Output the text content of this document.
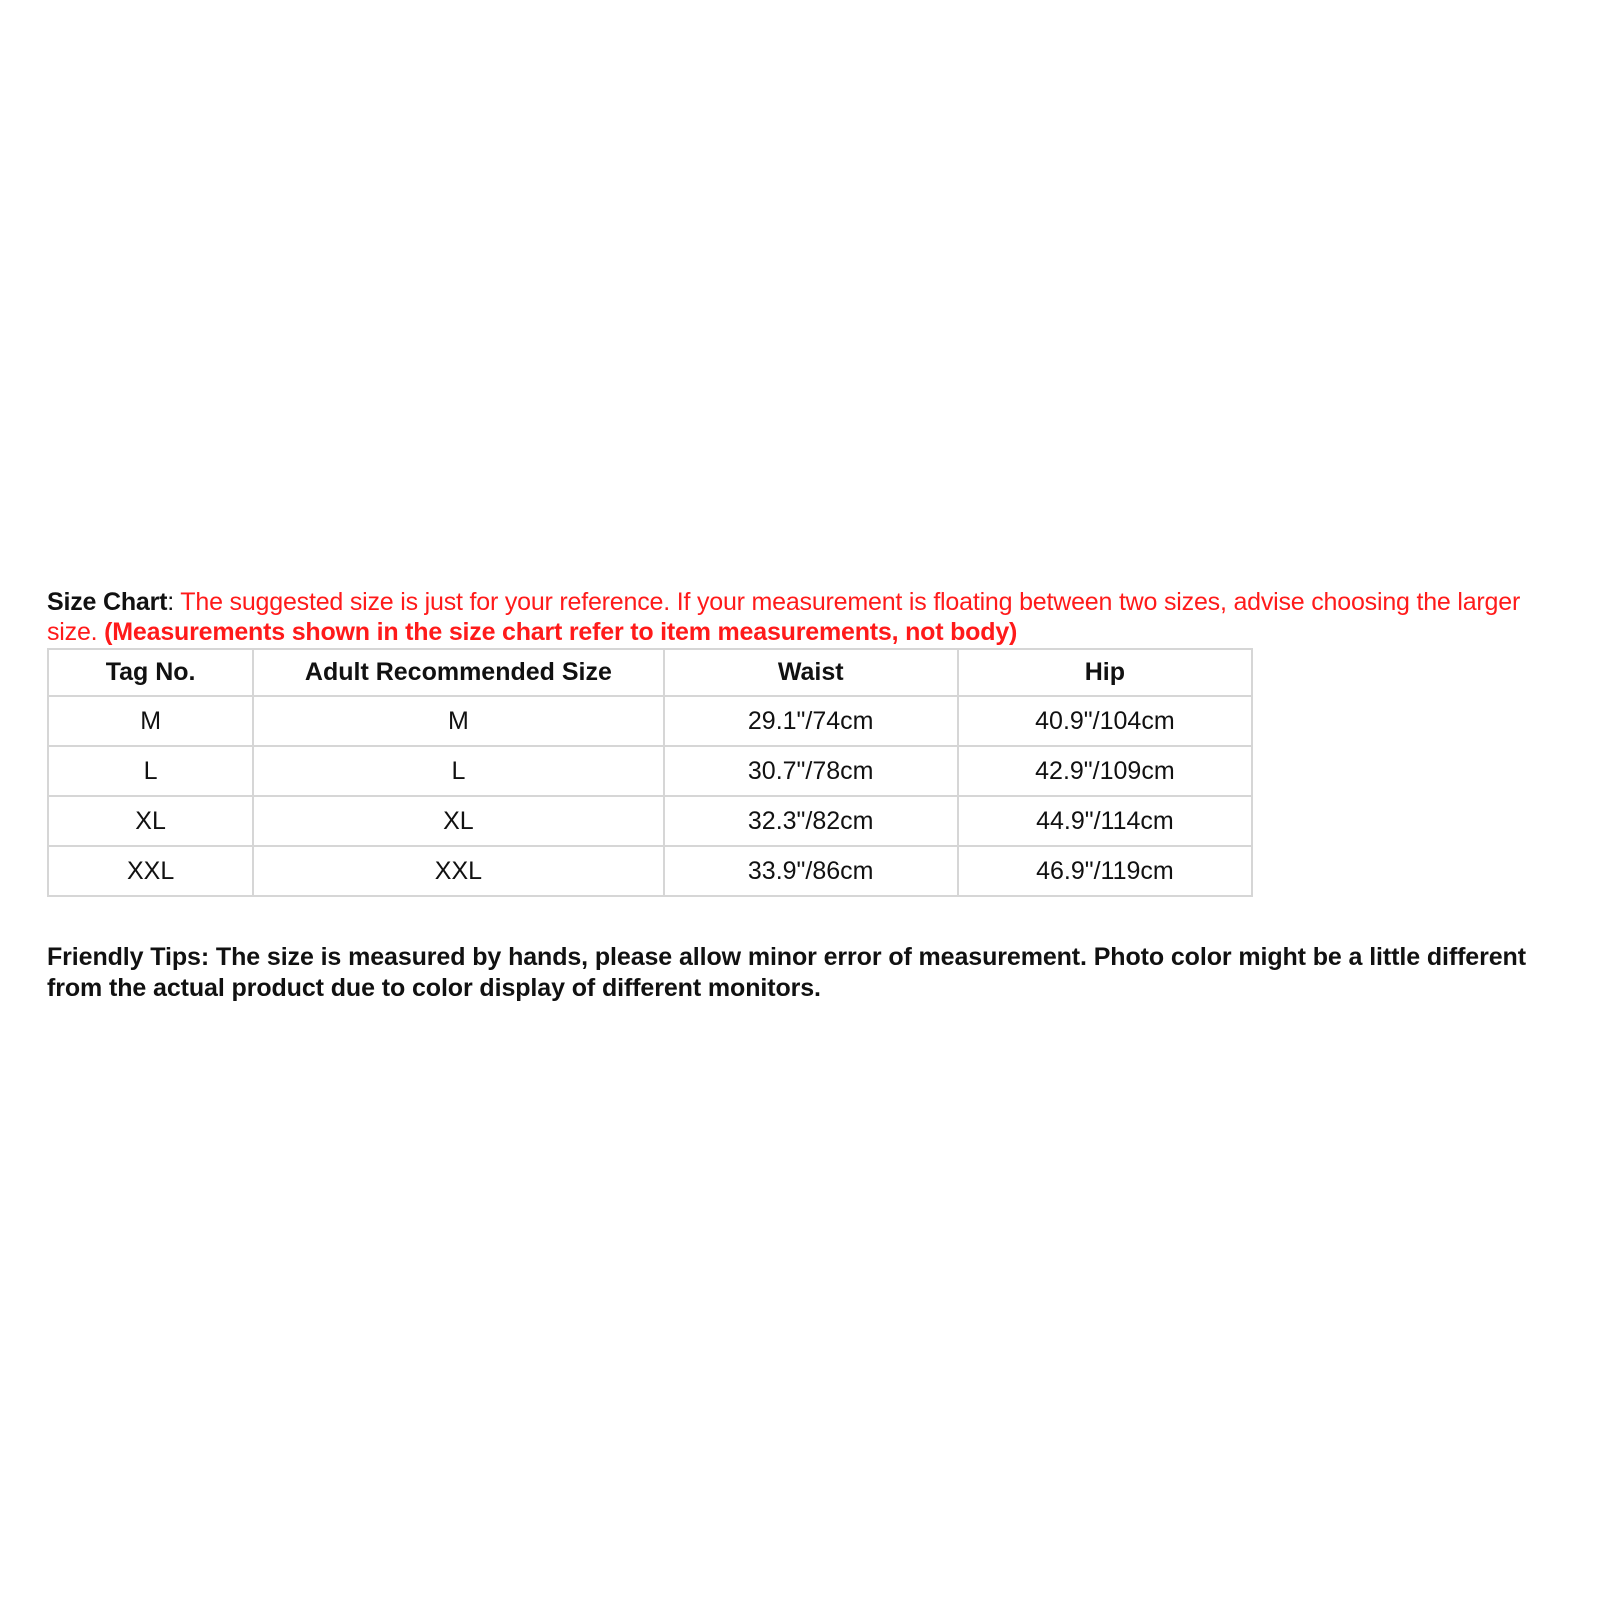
Size Chart: The suggested size is just for your reference. If your measurement is floating between two sizes, advise choosing the larger size. (Measurements shown in the size chart refer to item measurements, not body)
Tag No.	Adult Recommended Size	Waist	Hip
M	M	29.1"/74cm	40.9"/104cm
L	L	30.7"/78cm	42.9"/109cm
XL	XL	32.3"/82cm	44.9"/114cm
XXL	XXL	33.9"/86cm	46.9"/119cm
Friendly Tips: The size is measured by hands, please allow minor error of measurement. Photo color might be a little different from the actual product due to color display of different monitors.
